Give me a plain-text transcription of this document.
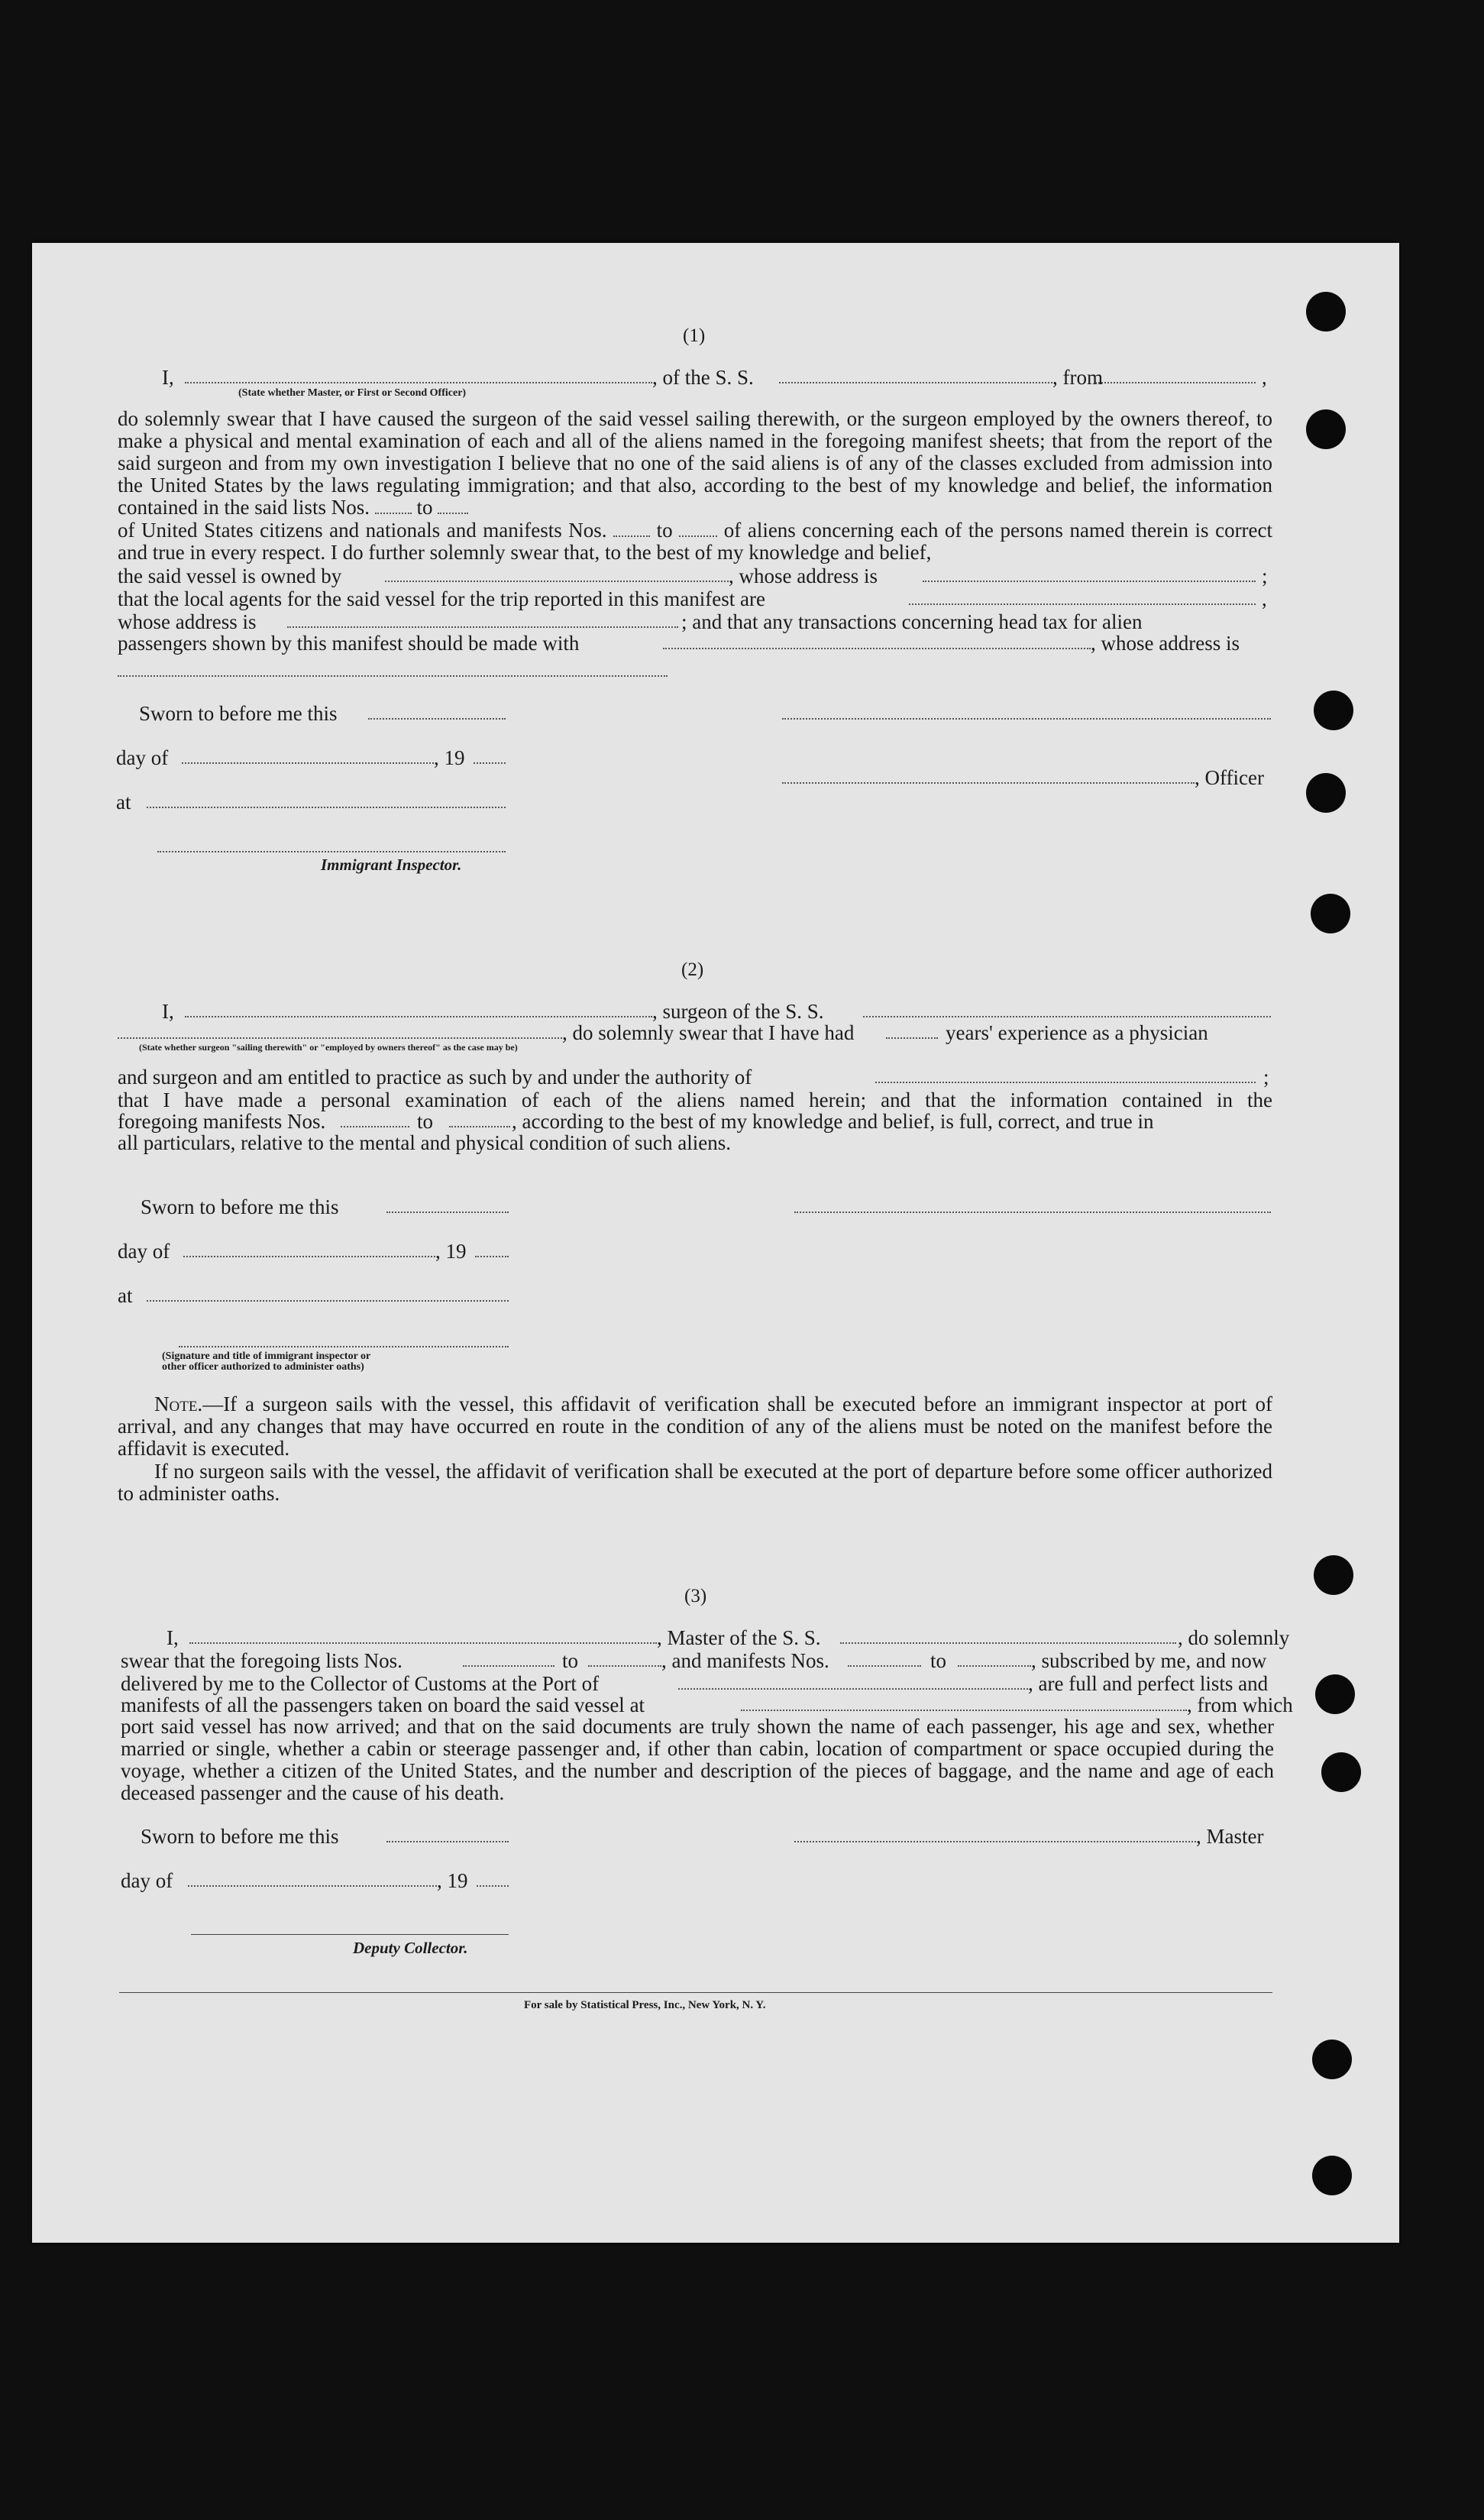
(1)
I,	, of the S. S.	, from	,
(State whether Master, or First or Second Officer)
do solemnly swear that I have caused the surgeon of the said vessel sailing therewith, or the surgeon employed by the owners thereof, to make a physical and mental examination of each and all of the aliens named in the foregoing manifest sheets; that from the report of the said surgeon and from my own investigation I believe that no one of the said aliens is of any of the classes excluded from admission into the United States by the laws regulating immigration; and that also, according to the best of my knowledge and belief, the information contained in the said lists Nos. to
of United States citizens and nationals and manifests Nos. to of aliens concerning each of the persons named therein is correct and true in every respect. I do further solemnly swear that, to the best of my knowledge and belief,
the said vessel is owned by	, whose address is	;
that the local agents for the said vessel for the trip reported in this manifest are	,
whose address is	; and that any transactions concerning head tax for alien
passengers shown by this manifest should be made with	, whose address is
Sworn to before me this
day of	, 19
, Officer
at
Immigrant Inspector.
(2)
I,	, surgeon of the S. S.
, do solemnly swear that I have had	years' experience as a physician
(State whether surgeon "sailing therewith" or "employed by owners thereof" as the case may be)
and surgeon and am entitled to practice as such by and under the authority of	;
that I have made a personal examination of each of the aliens named herein; and that the information contained in the
foregoing manifests Nos.	to	, according to the best of my knowledge and belief, is full, correct, and true in
all particulars, relative to the mental and physical condition of such aliens.
Sworn to before me this
day of	, 19
at
(Signature and title of immigrant inspector or
other officer authorized to administer oaths)
Note.—If a surgeon sails with the vessel, this affidavit of verification shall be executed before an immigrant inspector at port of arrival, and any changes that may have occurred en route in the condition of any of the aliens must be noted on the manifest before the affidavit is executed.
If no surgeon sails with the vessel, the affidavit of verification shall be executed at the port of departure before some officer authorized to administer oaths.
(3)
I,	, Master of the S. S.	, do solemnly
swear that the foregoing lists Nos.	to	, and manifests Nos.	to	, subscribed by me, and now
delivered by me to the Collector of Customs at the Port of	, are full and perfect lists and
manifests of all the passengers taken on board the said vessel at	, from which
port said vessel has now arrived; and that on the said documents are truly shown the name of each passenger, his age and sex, whether married or single, whether a cabin or steerage passenger and, if other than cabin, location of compartment or space occupied during the voyage, whether a citizen of the United States, and the number and description of the pieces of baggage, and the name and age of each deceased passenger and the cause of his death.
Sworn to before me this	, Master
day of	, 19
Deputy Collector.
For sale by Statistical Press, Inc., New York, N. Y.
